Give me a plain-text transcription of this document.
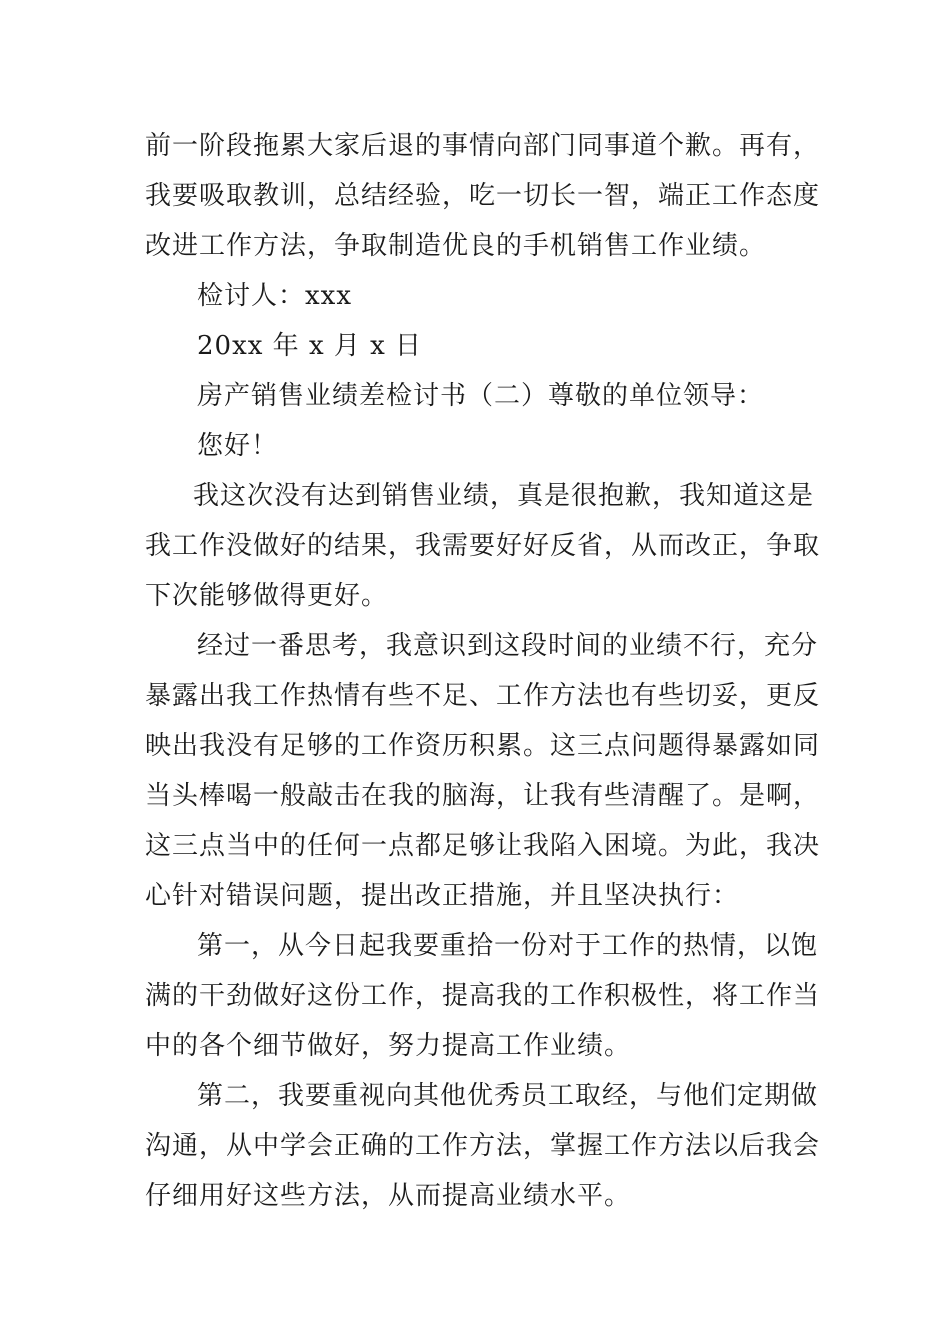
前一阶段拖累大家后退的事情向部门同事道个歉。再有，
我要吸取教训，总结经验，吃一切长一智，端正工作态度
改进工作方法，争取制造优良的手机销售工作业绩。
检讨人：xxx
20xx 年 x 月 x 日
房产销售业绩差检讨书（二）尊敬的单位领导：
您好！
我这次没有达到销售业绩，真是很抱歉，我知道这是
我工作没做好的结果，我需要好好反省，从而改正，争取
下次能够做得更好。
经过一番思考，我意识到这段时间的业绩不行，充分
暴露出我工作热情有些不足、工作方法也有些切妥，更反
映出我没有足够的工作资历积累。这三点问题得暴露如同
当头棒喝一般敲击在我的脑海，让我有些清醒了。是啊，
这三点当中的任何一点都足够让我陷入困境。为此，我决
心针对错误问题，提出改正措施，并且坚决执行：
第一，从今日起我要重拾一份对于工作的热情，以饱
满的干劲做好这份工作，提高我的工作积极性，将工作当
中的各个细节做好，努力提高工作业绩。
第二，我要重视向其他优秀员工取经，与他们定期做
沟通，从中学会正确的工作方法，掌握工作方法以后我会
仔细用好这些方法，从而提高业绩水平。
